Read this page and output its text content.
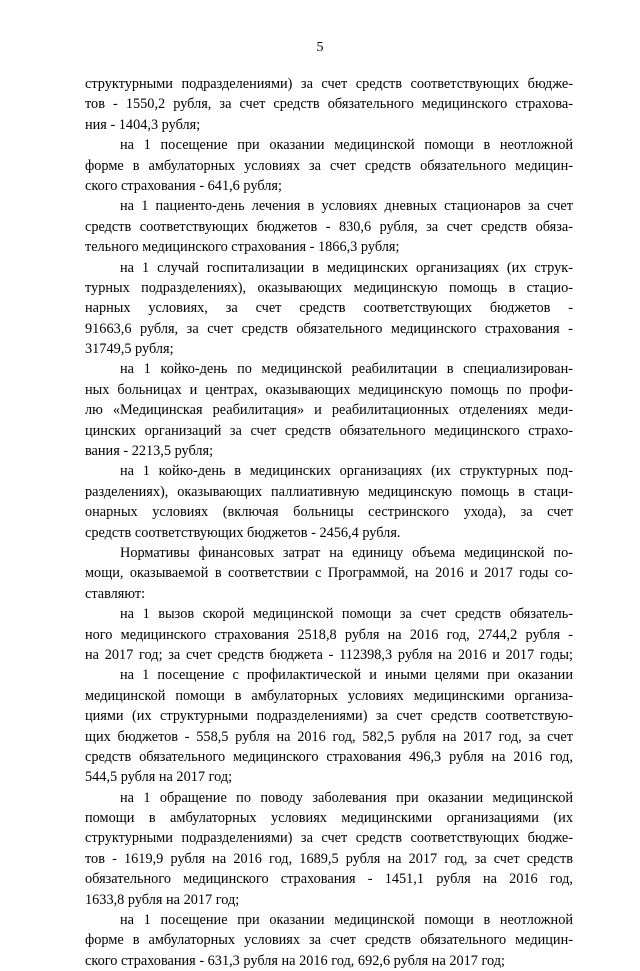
5
структурными подразделениями) за счет средств соответствующих бюдже-
тов - 1550,2 рубля, за счет средств обязательного медицинского страхова-
ния - 1404,3 рубля;
на 1 посещение при оказании медицинской помощи в неотложной
форме в амбулаторных условиях за счет средств обязательного медицин-
ского страхования - 641,6 рубля;
на 1 пациенто-день лечения в условиях дневных стационаров за счет
средств соответствующих бюджетов - 830,6 рубля, за счет средств обяза-
тельного медицинского страхования - 1866,3 рубля;
на 1 случай госпитализации в медицинских организациях (их струк-
турных подразделениях), оказывающих медицинскую помощь в стацио-
нарных условиях, за счет средств соответствующих бюджетов -
91663,6 рубля, за счет средств обязательного медицинского страхования -
31749,5 рубля;
на 1 койко-день по медицинской реабилитации в специализирован-
ных больницах и центрах, оказывающих медицинскую помощь по профи-
лю «Медицинская реабилитация» и реабилитационных отделениях меди-
цинских организаций за счет средств обязательного медицинского страхо-
вания - 2213,5 рубля;
на 1 койко-день в медицинских организациях (их структурных под-
разделениях), оказывающих паллиативную медицинскую помощь в стаци-
онарных условиях (включая больницы сестринского ухода), за счет
средств соответствующих бюджетов - 2456,4 рубля.
Нормативы финансовых затрат на единицу объема медицинской по-
мощи, оказываемой в соответствии с Программой, на 2016 и 2017 годы со-
ставляют:
на 1 вызов скорой медицинской помощи за счет средств обязатель-
ного медицинского страхования 2518,8 рубля на 2016 год, 2744,2 рубля -
на 2017 год; за счет средств бюджета - 112398,3 рубля на 2016 и 2017 годы;
на 1 посещение с профилактической и иными целями при оказании
медицинской помощи в амбулаторных условиях медицинскими организа-
циями (их структурными подразделениями) за счет средств соответствую-
щих бюджетов - 558,5 рубля на 2016 год, 582,5 рубля на 2017 год, за счет
средств обязательного медицинского страхования 496,3 рубля на 2016 год,
544,5 рубля на 2017 год;
на 1 обращение по поводу заболевания при оказании медицинской
помощи в амбулаторных условиях медицинскими организациями (их
структурными подразделениями) за счет средств соответствующих бюдже-
тов - 1619,9 рубля на 2016 год, 1689,5 рубля на 2017 год, за счет средств
обязательного медицинского страхования - 1451,1 рубля на 2016 год,
1633,8 рубля на 2017 год;
на 1 посещение при оказании медицинской помощи в неотложной
форме в амбулаторных условиях за счет средств обязательного медицин-
ского страхования - 631,3 рубля на 2016 год, 692,6 рубля на 2017 год;
